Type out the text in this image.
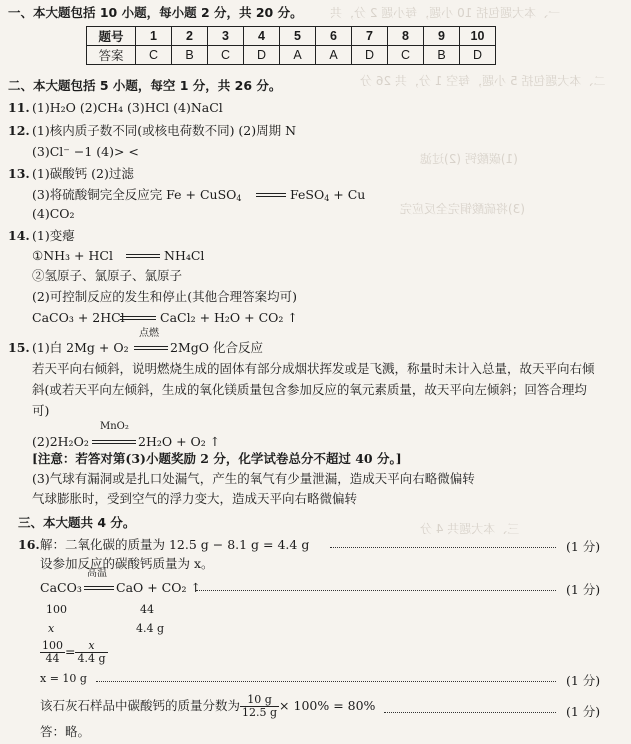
一、本大题包括 10 小题，每小题 2 分，共
二、本大题包括 5 小题，每空 1 分，共 26 分
(1)碳酸钙 (2)过滤
(3)将硫酸铜完全反应完
三、本大题共 4 分
一、本大题包括 10 小题，每小题 2 分，共 20 分。
题号	1	2	3	4	5	6	7	8	9	10
答案	C	B	C	D	A	A	D	C	B	D
二、本大题包括 5 小题，每空 1 分，共 26 分。
11. (1)H₂O (2)CH₄ (3)HCl (4)NaCl
12. (1)核内质子数不同(或核电荷数不同) (2)周期 N
(3)Cl⁻ −1 (4)> <
13. (1)碳酸钙 (2)过滤
(3)将硫酸铜完全反应完 Fe + CuSO$_4$	FeSO$_4$ + Cu
(4)CO₂
14. (1)变瘪
①NH₃ + HCl	NH₄Cl
②氢原子、氯原子、氯原子
(2)可控制反应的发生和停止(其他合理答案均可)
CaCO₃ + 2HCl	CaCl₂ + H₂O + CO₂ ↑
15. (1)白 2Mg + O₂
点燃
2MgO 化合反应
若天平向右倾斜，说明燃烧生成的固体有部分成烟状挥发或是飞溅，称量时未计入总量，故天平向右倾
斜(或若天平向左倾斜，生成的氧化镁质量包含参加反应的氧元素质量，故天平向左倾斜；回答合理均
可)
(2)2H₂O₂
MnO₂
2H₂O + O₂ ↑
[注意：若答对第(3)小题奖励 2 分，化学试卷总分不超过 40 分。]
(3)气球有漏洞或是扎口处漏气，产生的氧气有少量泄漏，造成天平向右略微偏转
气球膨胀时，受到空气的浮力变大，造成天平向右略微偏转
三、本大题共 4 分。
16. 解：二氧化碳的质量为 12.5 g − 8.1 g = 4.4 g	(1 分)
设参加反应的碳酸钙质量为 x。
CaCO₃
高温
CaO + CO₂ ↑	(1 分)
100	44
x	4.4 g
$\frac{100}{44} = \frac{x}{4.4 g}$
x = 10 g	(1 分)
该石灰石样品中碳酸钙的质量分数为 $\frac{10 g}{12.5 g} \times 100\% = 80\%$	(1 分)
答：略。
